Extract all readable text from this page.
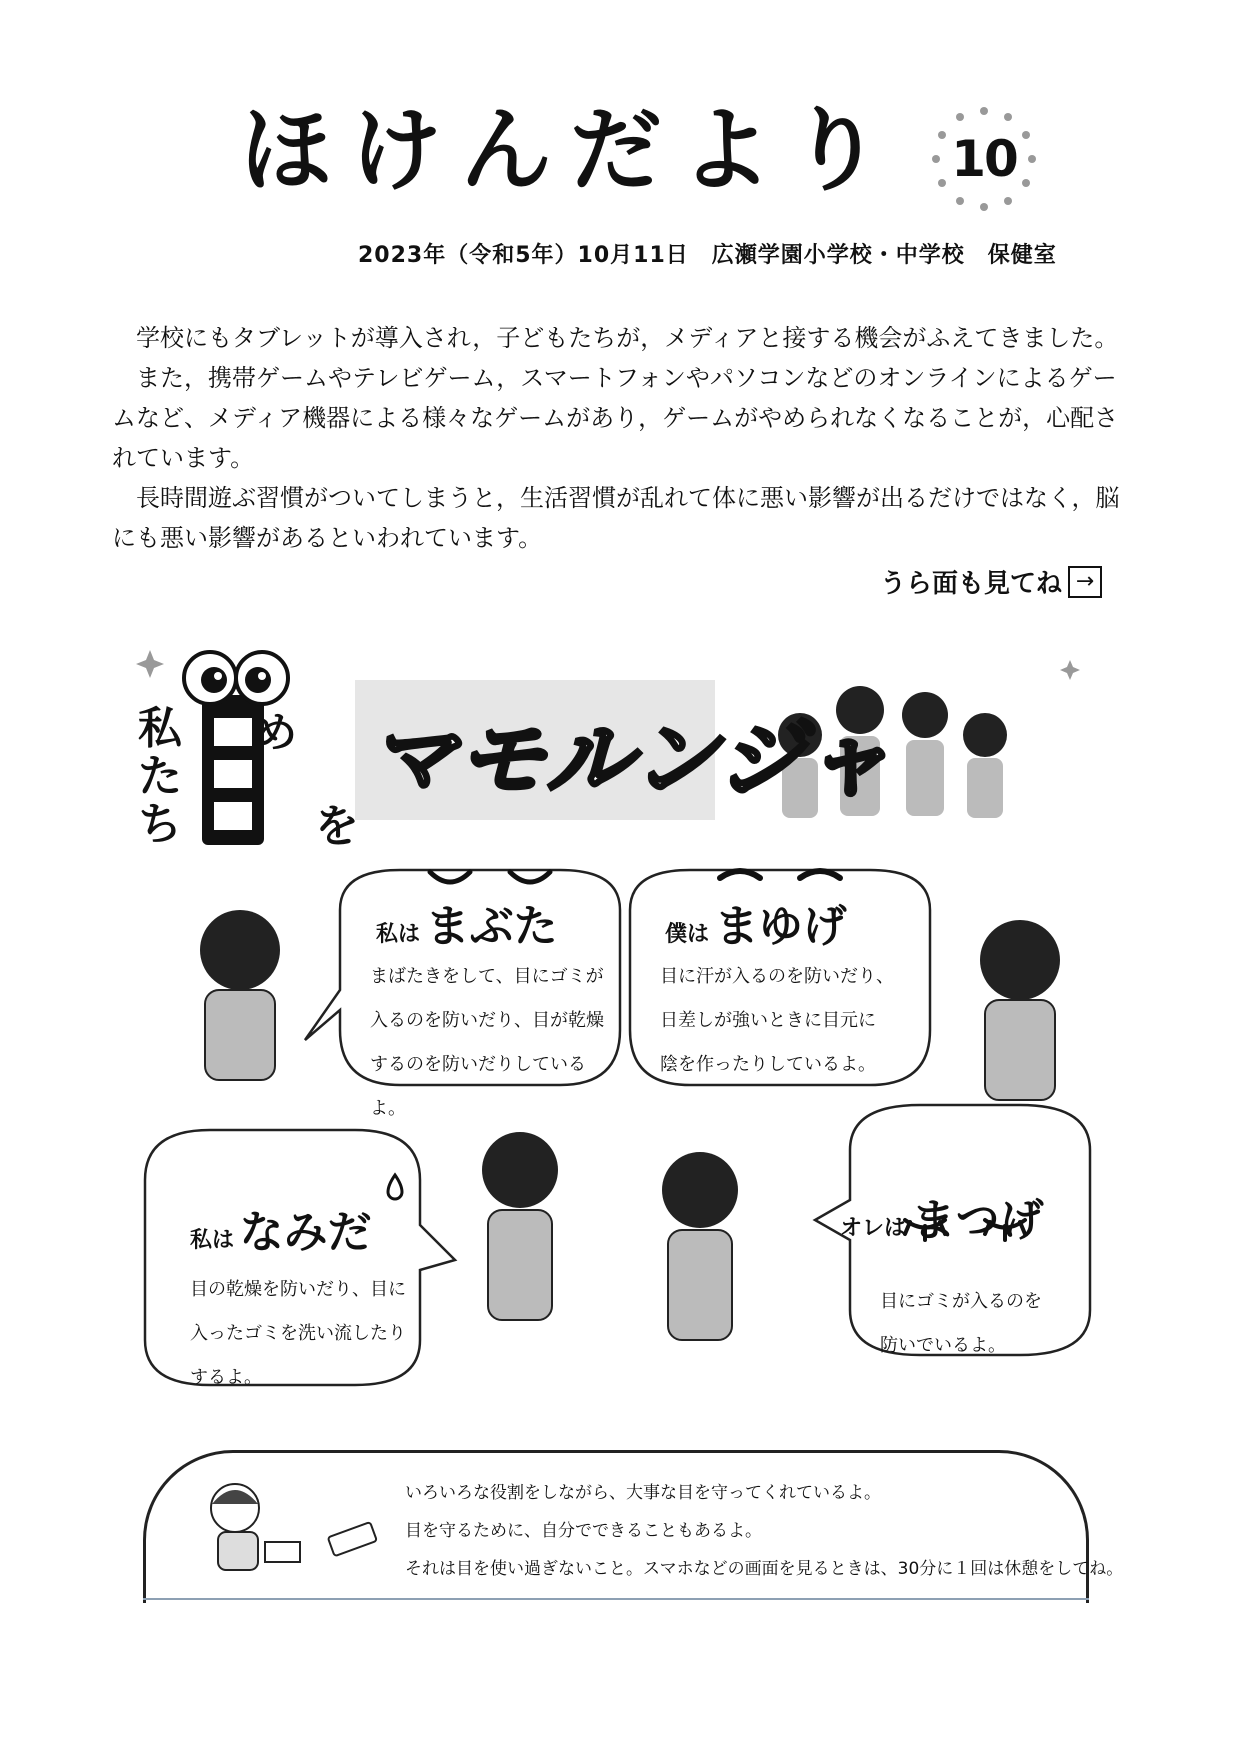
ほけんだより	10
2023年（令和5年）10月11日　広瀬学園小学校・中学校　保健室

学校にもタブレットが導入され，子どもたちが，メディアと接する機会がふえてきました。

また，携帯ゲームやテレビゲーム，スマートフォンやパソコンなどのオンラインによるゲームなど、メディア機器による様々なゲームがあり，ゲームがやめられなくなることが，心配されています。

長時間遊ぶ習慣がついてしまうと，生活習慣が乱れて体に悪い影響が出るだけではなく，脳にも悪い影響があるといわれています。

うら面も見てね →
私たち
め
を
マモルンジャ
私は まぶた
まばたきをして、目にゴミが
入るのを防いだり、目が乾燥
するのを防いだりしているよ。
僕は まゆげ
目に汗が入るのを防いだり、
日差しが強いときに目元に
陰を作ったりしているよ。
私は なみだ
目の乾燥を防いだり、目に
入ったゴミを洗い流したり
するよ。
オレは まつげ
目にゴミが入るのを
防いでいるよ。

いろいろな役割をしながら、大事な目を守ってくれているよ。

目を守るために、自分でできることもあるよ。

それは目を使い過ぎないこと。スマホなどの画面を見るときは、30分に１回は休憩をしてね。
